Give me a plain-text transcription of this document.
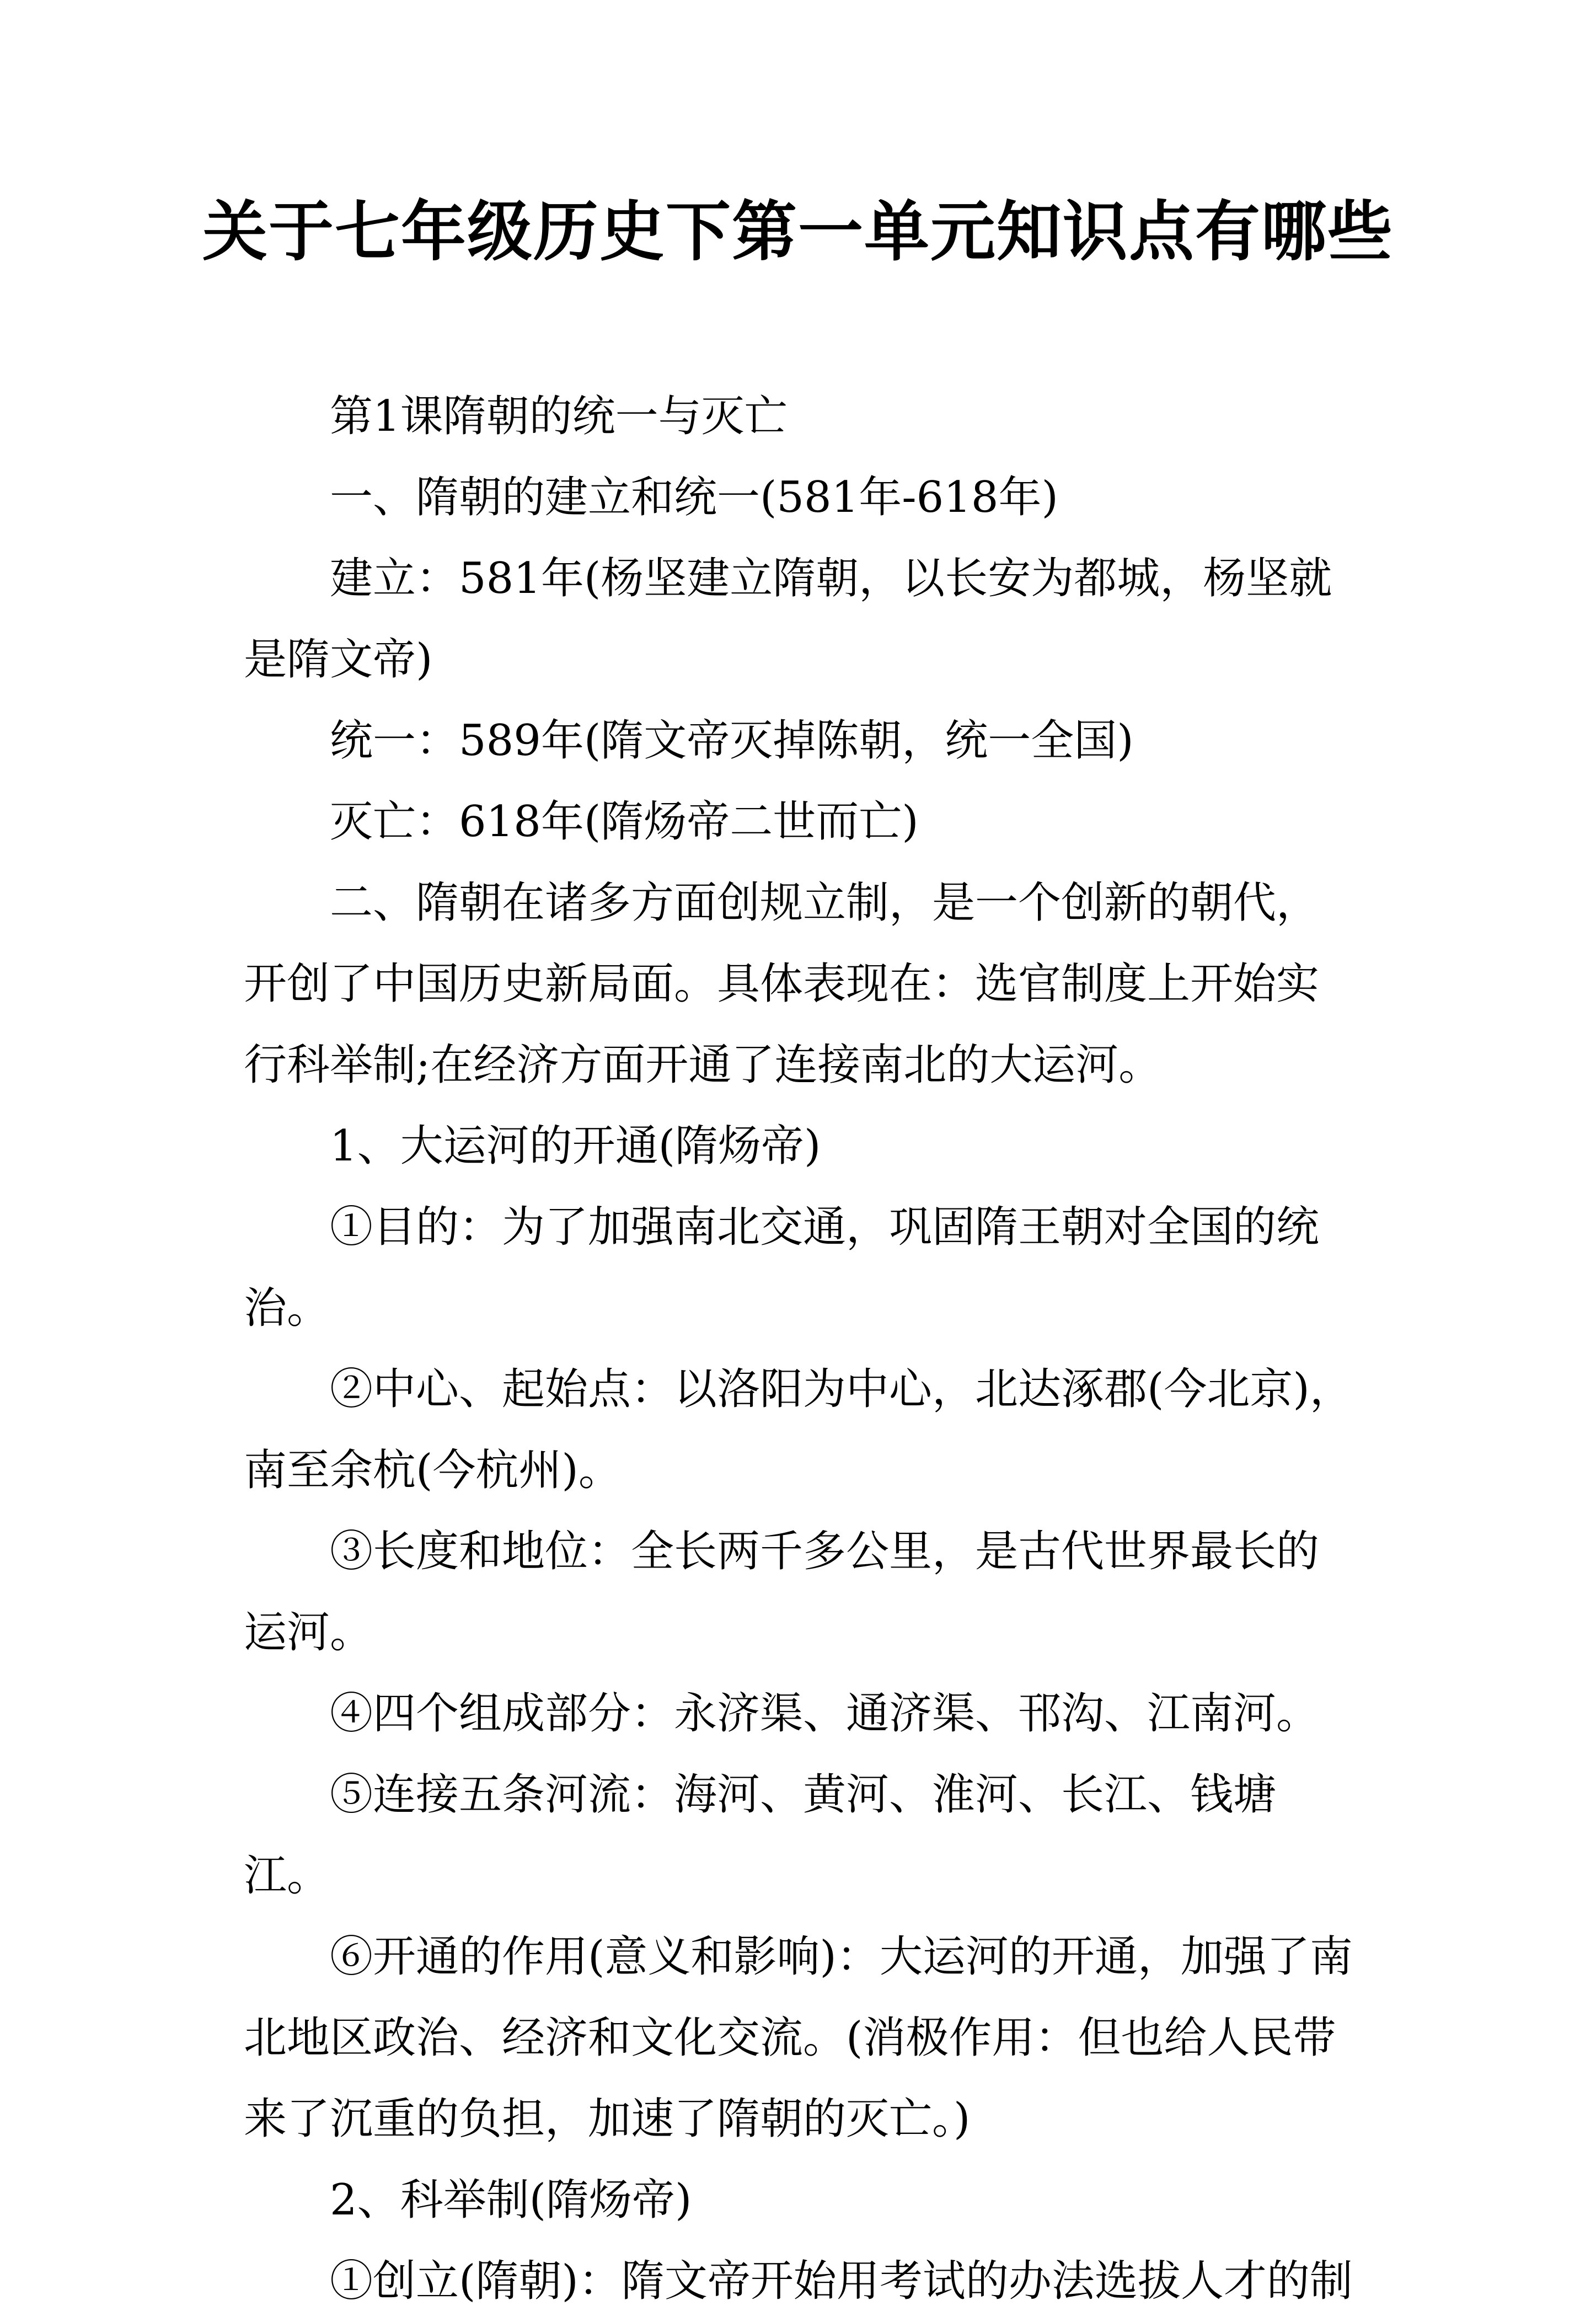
关于七年级历史下第一单元知识点有哪些

第1课隋朝的统一与灭亡

一、隋朝的建立和统一(581年-618年)

建立：581年(杨坚建立隋朝，以长安为都城，杨坚就是隋文帝)

统一：589年(隋文帝灭掉陈朝，统一全国)

灭亡：618年(隋炀帝二世而亡)

二、隋朝在诸多方面创规立制，是一个创新的朝代，开创了中国历史新局面。具体表现在：选官制度上开始实行科举制;在经济方面开通了连接南北的大运河。

1、大运河的开通(隋炀帝)

①目的：为了加强南北交通，巩固隋王朝对全国的统治。

②中心、起始点：以洛阳为中心，北达涿郡(今北京)，南至余杭(今杭州)。

③长度和地位：全长两千多公里，是古代世界最长的运河。

④四个组成部分：永济渠、通济渠、邗沟、江南河。

⑤连接五条河流：海河、黄河、淮河、长江、钱塘江。

⑥开通的作用(意义和影响)：大运河的开通，加强了南北地区政治、经济和文化交流。(消极作用：但也给人民带来了沉重的负担，加速了隋朝的灭亡。)

2、科举制(隋炀帝)

①创立(隋朝)：隋文帝开始用考试的办法选拔人才的制
